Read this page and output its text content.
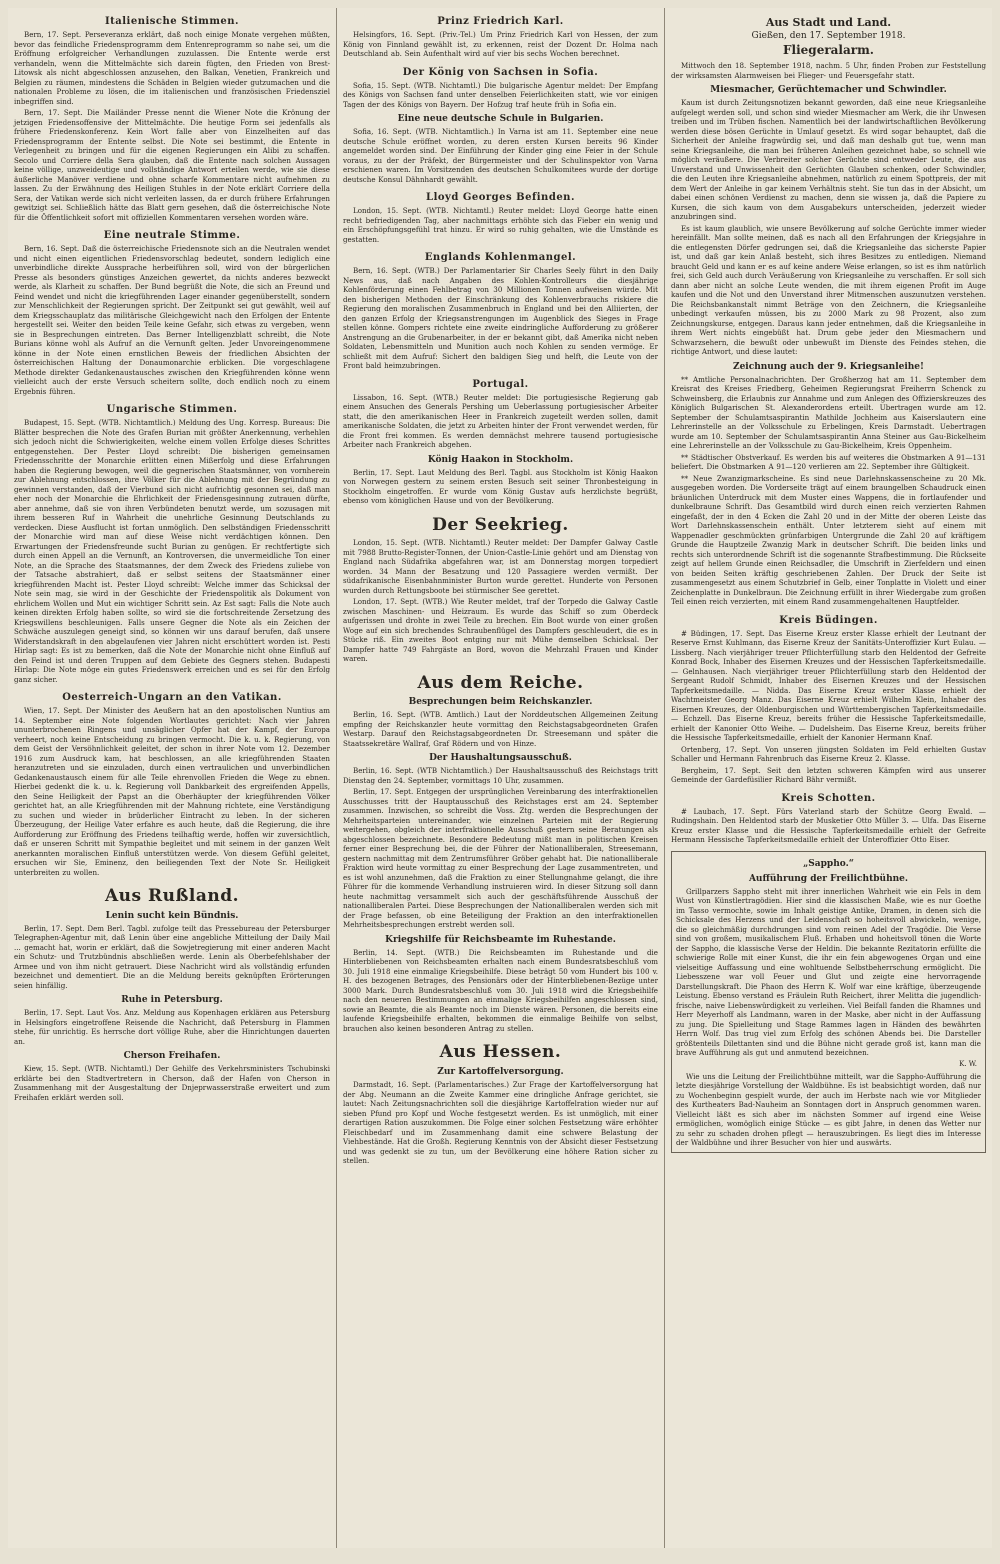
Italienische Stimmen.

Bern, 17. Sept. Perseveranza erklärt, daß noch einige Monate vergehen müßten, bevor das feindliche Friedensprogramm dem Entenreprogramm so nahe sei, um die Eröffnung erfolgreicher Verhandlungen zuzulassen. Die Entente werde erst verhandeln, wenn die Mittelmächte sich darein fügten, den Frieden von Brest-Litowsk als nicht abgeschlossen anzusehen, den Balkan, Venetien, Frankreich und Belgien zu räumen, mindestens die Schäden in Belgien wieder gutzumachen und die nationalen Probleme zu lösen, die im italienischen und französischen Friedensziel inbegriffen sind.

Bern, 17. Sept. Die Mailänder Presse nennt die Wiener Note die Krönung der jetzigen Friedensoffensive der Mittelmächte. Die heutige Form sei jedenfalls als frühere Friedenskonferenz. Kein Wort falle aber von Einzelheiten auf das Friedensprogramm der Entente selbst. Die Note sei bestimmt, die Entente in Verlegenheit zu bringen und für die eigenen Regierungen ein Alibi zu schaffen. Secolo und Corriere della Sera glauben, daß die Entente nach solchen Aussagen keine völlige, unzweideutige und vollständige Antwort erteilen werde, wie sie diese äußerliche Manöver verdiene und ohne scharfe Kommentare nicht aufnehmen zu lassen. Zu der Erwähnung des Heiligen Stuhles in der Note erklärt Corriere della Sera, der Vatikan werde sich nicht verleiten lassen, da er durch frühere Erfahrungen gewitzigt sei. Schließlich hätte das Blatt gern gesehen, daß die österreichische Note für die Öffentlichkeit sofort mit offiziellen Kommentaren versehen worden wäre.

Eine neutrale Stimme.

Bern, 16. Sept. Daß die österreichische Friedensnote sich an die Neutralen wendet und nicht einen eigentlichen Friedensvorschlag bedeutet, sondern lediglich eine unverbindliche direkte Aussprache herbeiführen soll, wird von der bürgerlichen Presse als besonders günstiges Anzeichen gewertet, da nichts anderes bezweckt werde, als Klarheit zu schaffen. Der Bund begrüßt die Note, die sich an Freund und Feind wendet und nicht die kriegführenden Lager einander gegenüberstellt, sondern zur Menschlichkeit der Regierungen spricht. Der Zeitpunkt sei gut gewählt, weil auf dem Kriegsschauplatz das militärische Gleichgewicht nach den Erfolgen der Entente hergestellt sei. Weiter den beiden Teile keine Gefahr, sich etwas zu vergeben, wenn sie in Besprechungen eintreten. Das Berner Intelligenzblatt schreibt, die Note Burians könne wohl als Aufruf an die Vernunft gelten. Jeder Unvoreingenommene könne in der Note einen ernstlichen Beweis der friedlichen Absichten der österreichischen Haltung der Donaumonarchie erblicken. Die vorgeschlagene Methode direkter Gedankenaustausches zwischen den Kriegführenden könne wenn vielleicht auch der erste Versuch scheitern sollte, doch endlich noch zu einem Ergebnis führen.

Ungarische Stimmen.

Budapest, 15. Sept. (WTB. Nichtamtlich.) Meldung des Ung. Korresp. Bureaus: Die Blätter besprechen die Note des Grafen Burian mit größter Anerkennung, verhehlen sich jedoch nicht die Schwierigkeiten, welche einem vollen Erfolge dieses Schrittes entgegenstehen. Der Pester Lloyd schreibt: Die bisherigen gemeinsamen Friedensschritte der Monarchie erlitten einen Mißerfolg und diese Erfahrungen haben die Regierung bewogen, weil die gegnerischen Staatsmänner, von vornherein zur Ablehnung entschlossen, ihre Völker für die Ablehnung mit der Begründung zu gewinnen verstanden, daß der Vierbund sich nicht aufrichtig gesonnen sei, daß man eher noch der Monarchie die Ehrlichkeit der Friedensgesinnung zutrauen dürfte, aber annehme, daß sie von ihren Verbündeten benutzt werde, um sozusagen mit ihrem besseren Ruf in Wahrheit die unehrliche Gesinnung Deutschlands zu verdecken. Diese Ausflucht ist fortan unmöglich. Den selbständigen Friedensschritt der Monarchie wird man auf diese Weise nicht verdächtigen können. Den Erwartungen der Friedensfreunde sucht Burian zu genügen. Er rechtfertigte sich durch einen Appell an die Vernunft, an Kontroversen, die unvermeidliche Ton einer Note, an die Sprache des Staatsmannes, der dem Zweck des Friedens zuliebe von der Tatsache abstrahiert, daß er selbst seitens der Staatsmänner einer kriegführenden Macht ist. Pester Lloyd schreibt: Welche immer das Schicksal der Note sein mag, sie wird in der Geschichte der Friedenspolitik als Dokument von ehrlichem Wollen und Mut ein wichtiger Schritt sein. Az Est sagt: Falls die Note auch keinen direkten Erfolg haben sollte, so wird sie die fortschreitende Zersetzung des Kriegswillens beschleunigen. Falls unsere Gegner die Note als ein Zeichen der Schwäche auszulegen geneigt sind, so können wir uns darauf berufen, daß unsere Widerstandskraft in den abgelaufenen vier Jahren nicht erschüttert worden ist. Pesti Hirlap sagt: Es ist zu bemerken, daß die Note der Monarchie nicht ohne Einfluß auf den Feind ist und deren Truppen auf dem Gebiete des Gegners stehen. Budapesti Hirlap: Die Note möge ein gutes Friedenswerk erreichen und es sei für den Erfolg ganz sicher.

Oesterreich-Ungarn an den Vatikan.

Wien, 17. Sept. Der Minister des Aeußern hat an den apostolischen Nuntius am 14. September eine Note folgenden Wortlautes gerichtet: Nach vier Jahren ununterbrochenen Ringens und unsäglicher Opfer hat der Kampf, der Europa verheert, noch keine Entscheidung zu bringen vermocht. Die k. u. k. Regierung, von dem Geist der Versöhnlichkeit geleitet, der schon in ihrer Note vom 12. Dezember 1916 zum Ausdruck kam, hat beschlossen, an alle kriegführenden Staaten heranzutreten und sie einzuladen, durch einen vertraulichen und unverbindlichen Gedankenaustausch einem für alle Teile ehrenvollen Frieden die Wege zu ebnen. Hierbei gedenkt die k. u. k. Regierung voll Dankbarkeit des ergreifenden Appells, den Seine Heiligkeit der Papst an die Oberhäupter der kriegführenden Völker gerichtet hat, an alle Kriegführenden mit der Mahnung richtete, eine Verständigung zu suchen und wieder in brüderlicher Eintracht zu leben. In der sicheren Überzeugung, der Heilige Vater erfahre es auch heute, daß die Regierung, die ihre Aufforderung zur Eröffnung des Friedens teilhaftig werde, hoffen wir zuversichtlich, daß er unseren Schritt mit Sympathie begleitet und mit seinem in der ganzen Welt anerkannten moralischen Einfluß unterstützen werde. Von diesem Gefühl geleitet, ersuchen wir Sie, Eminenz, den beiliegenden Text der Note Sr. Heiligkeit unterbreiten zu wollen.

Aus Rußland.
Lenin sucht kein Bündnis.

Berlin, 17. Sept. Dem Berl. Tagbl. zufolge teilt das Pressebureau der Petersburger Telegraphen-Agentur mit, daß Lenin über eine angebliche Mitteilung der Daily Mail ... gemacht hat, worin er erklärt, daß die Sowjetregierung mit einer anderen Macht ein Schutz- und Trutzbündnis abschließen werde. Lenin als Oberbefehlshaber der Armee und von ihm nicht getrauert. Diese Nachricht wird als vollständig erfunden bezeichnet und dementiert. Die an die Meldung bereits geknüpften Erörterungen seien hinfällig.

Ruhe in Petersburg.

Berlin, 17. Sept. Laut Vos. Anz. Meldung aus Kopenhagen erklären aus Petersburg in Helsingfors eingetroffene Reisende die Nachricht, daß Petersburg in Flammen stehe, für unrichtig. Es herrsche dort völlige Ruhe, aber die Hinrichtungen dauerten an.

Cherson Freihafen.

Kiew, 15. Sept. (WTB. Nichtamtl.) Der Gehilfe des Verkehrsministers Tschubinski erklärte bei den Stadtvertretern in Cherson, daß der Hafen von Cherson in Zusammenhang mit der Ausgestaltung der Dnjeprwasserstraße erweitert und zum Freihafen erklärt werden soll.

Prinz Friedrich Karl.

Helsingfors, 16. Sept. (Priv.-Tel.) Um Prinz Friedrich Karl von Hessen, der zum König von Finnland gewählt ist, zu erkennen, reist der Dozent Dr. Holma nach Deutschland ab. Sein Aufenthalt wird auf vier bis sechs Wochen berechnet.

Der König von Sachsen in Sofia.

Sofia, 15. Sept. (WTB. Nichtamtl.) Die bulgarische Agentur meldet: Der Empfang des Königs von Sachsen fand unter denselben Feierlichkeiten statt, wie vor einigen Tagen der des Königs von Bayern. Der Hofzug traf heute früh in Sofia ein.

Eine neue deutsche Schule in Bulgarien.

Sofia, 16. Sept. (WTB. Nichtamtlich.) In Varna ist am 11. September eine neue deutsche Schule eröffnet worden, zu deren ersten Kursen bereits 96 Kinder angemeldet worden sind. Der Einführung der Kinder ging eine Feier in der Schule voraus, zu der der Präfekt, der Bürgermeister und der Schulinspektor von Varna erschienen waren. Im Vorsitzenden des deutschen Schulkomitees wurde der dortige deutsche Konsul Dähnhardt gewählt.

Lloyd Georges Befinden.

London, 15. Sept. (WTB. Nichtamtl.) Reuter meldet: Lloyd George hatte einen recht befriedigenden Tag, aber nachmittags erhöhte sich das Fieber ein wenig und ein Erschöpfungsgefühl trat hinzu. Er wird so ruhig gehalten, wie die Umstände es gestatten.

Englands Kohlenmangel.

Bern, 16. Sept. (WTB.) Der Parlamentarier Sir Charles Seely führt in den Daily News aus, daß nach Angaben des Kohlen-Kontrolleurs die diesjährige Kohlenförderung einen Fehlbetrag von 30 Millionen Tonnen aufweisen würde. Mit den bisherigen Methoden der Einschränkung des Kohlenverbrauchs riskiere die Regierung den moralischen Zusammenbruch in England und bei den Alliierten, der den ganzen Erfolg der Kriegsanstrengungen im Augenblick des Sieges in Frage stellen könne. Gompers richtete eine zweite eindringliche Aufforderung zu größerer Anstrengung an die Grubenarbeiter, in der er bekannt gibt, daß Amerika nicht neben Soldaten, Lebensmitteln und Munition auch noch Kohlen zu senden vermöge. Er schließt mit dem Aufruf: Sichert den baldigen Sieg und helft, die Leute von der Front bald heimzubringen.

Portugal.

Lissabon, 16. Sept. (WTB.) Reuter meldet: Die portugiesische Regierung gab einem Ansuchen des Generals Pershing um Ueberlassung portugiesischer Arbeiter statt, die den amerikanischen Heer in Frankreich zugeteilt werden sollen, damit amerikanische Soldaten, die jetzt zu Arbeiten hinter der Front verwendet werden, für die Front frei kommen. Es werden demnächst mehrere tausend portugiesische Arbeiter nach Frankreich abgehen.

König Haakon in Stockholm.

Berlin, 17. Sept. Laut Meldung des Berl. Tagbl. aus Stockholm ist König Haakon von Norwegen gestern zu seinem ersten Besuch seit seiner Thronbesteigung in Stockholm eingetroffen. Er wurde vom König Gustav aufs herzlichste begrüßt, ebenso vom königlichen Hause und von der Bevölkerung.

Der Seekrieg.

London, 15. Sept. (WTB. Nichtamtl.) Reuter meldet: Der Dampfer Galway Castle mit 7988 Brutto-Register-Tonnen, der Union-Castle-Linie gehört und am Dienstag von England nach Südafrika abgefahren war, ist am Donnerstag morgen torpediert worden. 34 Mann der Besatzung und 120 Passagiere werden vermißt. Der südafrikanische Eisenbahnminister Burton wurde gerettet. Hunderte von Personen wurden durch Rettungsboote bei stürmischer See gerettet.

London, 17. Sept. (WTB.) Wie Reuter meldet, traf der Torpedo die Galway Castle zwischen Maschinen- und Heizraum. Es wurde das Schiff so zum Oberdeck aufgerissen und drohte in zwei Teile zu brechen. Ein Boot wurde von einer großen Woge auf ein sich brechendes Schraubenflügel des Dampfers geschleudert, die es in Stücke riß. Ein zweites Boot entging nur mit Mühe demselben Schicksal. Der Dampfer hatte 749 Fahrgäste an Bord, wovon die Mehrzahl Frauen und Kinder waren.

Aus dem Reiche.
Besprechungen beim Reichskanzler.

Berlin, 16. Sept. (WTB. Amtlich.) Laut der Norddeutschen Allgemeinen Zeitung empfing der Reichskanzler heute vormittag den Reichstagsabgeordneten Grafen Westarp. Darauf den Reichstagsabgeordneten Dr. Streesemann und später die Staatssekretäre Wallraf, Graf Rödern und von Hinze.

Der Haushaltungsausschuß.

Berlin, 16. Sept. (WTB Nichtamtlich.) Der Haushaltsausschuß des Reichstags tritt Dienstag den 24. September, vormittags 10 Uhr, zusammen.

Berlin, 17. Sept. Entgegen der ursprünglichen Vereinbarung des interfraktionellen Ausschusses tritt der Hauptausschuß des Reichstages erst am 24. September zusammen. Inzwischen, so schreibt die Voss. Ztg. werden die Besprechungen der Mehrheitsparteien untereinander, wie einzelnen Parteien mit der Regierung weitergehen, obgleich der interfraktionelle Ausschuß gestern seine Beratungen als abgeschlossen bezeichnete. Besondere Bedeutung mißt man in politischen Kreisen ferner einer Besprechung bei, die der Führer der Nationalliberalen, Streesemann, gestern nachmittag mit dem Zentrumsführer Gröber gehabt hat. Die nationalliberale Fraktion wird heute vormittag zu einer Besprechung der Lage zusammentreten, und es ist wohl anzunehmen, daß die Fraktion zu einer Stellungnahme gelangt, die ihre Führer für die kommende Verhandlung instruieren wird. In dieser Sitzung soll dann heute nachmittag versammelt sich auch der geschäftsführende Ausschuß der nationalliberalen Partei. Diese Besprechungen der Nationalliberalen werden sich mit der Frage befassen, ob eine Beteiligung der Fraktion an den interfraktionellen Mehrheitsbesprechungen erstrebt werden soll.

Kriegshilfe für Reichsbeamte im Ruhestande.

Berlin, 14. Sept. (WTB.) Die Reichsbeamten im Ruhestande und die Hinterbliebenen von Reichsbeamten erhalten nach einem Bundesratsbeschluß vom 30. Juli 1918 eine einmalige Kriegsbeihilfe. Diese beträgt 50 vom Hundert bis 100 v. H. des bezogenen Betrages, des Pensionärs oder der Hinterbliebenen-Bezüge unter 3000 Mark. Durch Bundesratsbeschluß vom 30. Juli 1918 wird die Kriegsbeihilfe nach den neueren Bestimmungen an einmalige Kriegsbeihilfen angeschlossen sind, sowie an Beamte, die als Beamte noch im Dienste wären. Personen, die bereits eine laufende Kriegsbeihilfe erhalten, bekommen die einmalige Beihilfe von selbst, brauchen also keinen besonderen Antrag zu stellen.

Aus Hessen.
Zur Kartoffelversorgung.

Darmstadt, 16. Sept. (Parlamentarisches.) Zur Frage der Kartoffelversorgung hat der Abg. Neumann an die Zweite Kammer eine dringliche Anfrage gerichtet, sie lautet: Nach Zeitungsnachrichten soll die diesjährige Kartoffelration wieder nur auf sieben Pfund pro Kopf und Woche festgesetzt werden. Es ist unmöglich, mit einer derartigen Ration auszukommen. Die Folge einer solchen Festsetzung wäre erhöhter Fleischbedarf und im Zusammenhang damit eine schwere Belastung der Viehbestände. Hat die Großh. Regierung Kenntnis von der Absicht dieser Festsetzung und was gedenkt sie zu tun, um der Bevölkerung eine höhere Ration sicher zu stellen.

Aus Stadt und Land.
Gießen, den 17. September 1918.
Fliegeralarm.

Mittwoch den 18. September 1918, nachm. 5 Uhr, finden Proben zur Feststellung der wirksamsten Alarmweisen bei Flieger- und Feuersgefahr statt.

Miesmacher, Gerüchtemacher und Schwindler.

Kaum ist durch Zeitungsnotizen bekannt geworden, daß eine neue Kriegsanleihe aufgelegt werden soll, und schon sind wieder Miesmacher am Werk, die ihr Unwesen treiben und im Trüben fischen. Namentlich bei der landwirtschaftlichen Bevölkerung werden diese bösen Gerüchte in Umlauf gesetzt. Es wird sogar behauptet, daß die Sicherheit der Anleihe fragwürdig sei, und daß man deshalb gut tue, wenn man seine Kriegsanleihe, die man bei früheren Anleihen gezeichnet habe, so schnell wie möglich veräußere. Die Verbreiter solcher Gerüchte sind entweder Leute, die aus Unverstand und Unwissenheit den Gerüchten Glauben schenken, oder Schwindler, die den Leuten ihre Kriegsanleihe abnehmen, natürlich zu einem Spottpreis, der mit dem Wert der Anleihe in gar keinem Verhältnis steht. Sie tun das in der Absicht, um dabei einen schönen Verdienst zu machen, denn sie wissen ja, daß die Papiere zu Kursen, die sich kaum von dem Ausgabekurs unterscheiden, jederzeit wieder anzubringen sind.

Es ist kaum glaublich, wie unsere Bevölkerung auf solche Gerüchte immer wieder hereinfällt. Man sollte meinen, daß es nach all den Erfahrungen der Kriegsjahre in die entlegensten Dörfer gedrungen sei, daß die Kriegsanleihe das sicherste Papier ist, und daß gar kein Anlaß besteht, sich ihres Besitzes zu entledigen. Niemand braucht Geld und kann er es auf keine andere Weise erlangen, so ist es ihm natürlich frei, sich Geld auch durch Veräußerung von Kriegsanleihe zu verschaffen. Er soll sich dann aber nicht an solche Leute wenden, die mit ihrem eigenen Profit im Auge kaufen und die Not und den Unverstand ihrer Mitmenschen auszunutzen verstehen. Die Reichsbankanstalt nimmt Beträge von den Zeichnern, die Kriegsanleihe unbedingt verkaufen müssen, bis zu 2000 Mark zu 98 Prozent, also zum Zeichnungskurse, entgegen. Daraus kann jeder entnehmen, daß die Kriegsanleihe in ihrem Wert nichts eingebüßt hat. Drum gebe jeder den Miesmachern und Schwarzsehern, die bewußt oder unbewußt im Dienste des Feindes stehen, die richtige Antwort, und diese lautet:

Zeichnung auch der 9. Kriegsanleihe!

** Amtliche Personalnachrichten. Der Großherzog hat am 11. September dem Kreisrat des Kreises Friedberg, Geheimen Regierungsrat Freiherrn Schenck zu Schweinsberg, die Erlaubnis zur Annahme und zum Anlegen des Offizierskreuzes des Königlich Bulgarischen St. Alexanderordens erteilt. Ubertragen wurde am 12. September der Schulamtsaspirantin Mathilde Jochheim aus Kaiserslautern eine Lehrerinstelle an der Volksschule zu Erbelingen, Kreis Darmstadt. Uebertragen wurde am 10. September der Schulamtsaspirantin Anna Steiner aus Gau-Bickelheim eine Lehrerinstelle an der Volksschule zu Gau-Bickelheim, Kreis Oppenheim.

** Städtischer Obstverkauf. Es werden bis auf weiteres die Obstmarken A 91—131 beliefert. Die Obstmarken A 91—120 verlieren am 22. September ihre Gültigkeit.

** Neue Zwanzigmarkscheine. Es sind neue Darlehnskassenscheine zu 20 Mk. ausgegeben worden. Die Vorderseite trägt auf einem braungelben Schaudruck einen bräunlichen Unterdruck mit dem Muster eines Wappens, die in fortlaufender und dunkelbraune Schrift. Das Gesamtbild wird durch einen reich verzierten Rahmen eingefaßt, der in den 4 Ecken die Zahl 20 und in der Mitte der oberen Leiste das Wort Darlehnskassenschein enthält. Unter letzterem sieht auf einem mit Wappenadler geschmückten grünfarbigen Untergrunde die Zahl 20 auf kräftigem Grunde die Hauptzeile Zwanzig Mark in deutscher Schrift. Die beiden links und rechts sich unterordnende Schrift ist die sogenannte Strafbestimmung. Die Rückseite zeigt auf hellem Grunde einen Reichsadler, die Umschrift in Zierfeldern und einen von beiden Seiten kräftig geschriebenen Zahlen. Der Druck der Seite ist zusammengesetzt aus einem Schutzbrief in Gelb, einer Tonplatte in Violett und einer Zeichenplatte in Dunkelbraun. Die Zeichnung erfüllt in ihrer Wiedergabe zum großen Teil einen reich verzierten, mit einem Rand zusammengehaltenen Hauptfelder.

Kreis Büdingen.

# Büdingen, 17. Sept. Das Eiserne Kreuz erster Klasse erhielt der Leutnant der Reserve Ernst Kuhlmann, das Eiserne Kreuz der Sanitäts-Unteroffizier Kurt Eulau. — Lissberg. Nach vierjähriger treuer Pflichterfüllung starb den Heldentod der Gefreite Konrad Bock, Inhaber des Eisernen Kreuzes und der Hessischen Tapferkeitsmedaille. — Gelnhausen. Nach vierjähriger treuer Pflichterfüllung starb den Heldentod der Sergeant Rudolf Schmidt, Inhaber des Eisernen Kreuzes und der Hessischen Tapferkeitsmedaille. — Nidda. Das Eiserne Kreuz erster Klasse erhielt der Wachtmeister Georg Manz. Das Eiserne Kreuz erhielt Wilhelm Klein, Inhaber des Eisernen Kreuzes, der Oldenburgischen und Württembergischen Tapferkeitsmedaille. — Echzell. Das Eiserne Kreuz, bereits früher die Hessische Tapferkeitsmedaille, erhielt der Kanonier Otto Weihe. — Dudelsheim. Das Eiserne Kreuz, bereits früher die Hessische Tapferkeitsmedaille, erhielt der Kanonier Hermann Knaf.

Ortenberg, 17. Sept. Von unseren jüngsten Soldaten im Feld erhielten Gustav Schaller und Hermann Fahrenbruch das Eiserne Kreuz 2. Klasse.

Bergheim, 17. Sept. Seit den letzten schweren Kämpfen wird aus unserer Gemeinde der Gardefüsilier Richard Bähr vermißt.

Kreis Schotten.

# Laubach, 17. Sept. Fürs Vaterland starb der Schütze Georg Ewald. — Rudingshain. Den Heldentod starb der Musketier Otto Müller 3. — Ulfa. Das Eiserne Kreuz erster Klasse und die Hessische Tapferkeitsmedaille erhielt der Gefreite Hermann Hessische Tapferkeitsmedaille erhielt der Unteroffizier Otto Eiser.

„Sappho.“
Aufführung der Freilichtbühne.

Grillparzers Sappho steht mit ihrer innerlichen Wahrheit wie ein Fels in dem Wust von Künstlertragödien. Hier sind die klassischen Maße, wie es nur Goethe im Tasso vermochte, sowie im Inhalt geistige Antike, Dramen, in denen sich die Schicksale des Herzens und der Leidenschaft so hoheitsvoll abwickeln, wenige, die so gleichmäßig durchdrungen sind vom reinen Adel der Tragödie. Die Verse sind von großem, musikalischem Fluß. Erhaben und hoheitsvoll tönen die Worte der Sappho, die klassische Verse der Heldin. Die bekannte Rezitatorin erfüllte die schwierige Rolle mit einer Kunst, die ihr ein fein abgewogenes Organ und eine vielseitige Auffassung und eine wohltuende Selbstbeherrschung ermöglicht. Die Liebesszene war voll Feuer und Glut und zeigte eine hervorragende Darstellungskraft. Die Phaon des Herrn K. Wolf war eine kräftige, überzeugende Leistung. Ebenso verstand es Fräulein Ruth Reichert, ihrer Melitta die jugendlich-frische, naive Liebenswürdigkeit zu verleihen. Viel Beifall fanden die Rhamnes und Herr Meyerhoff als Landmann, waren in der Maske, aber nicht in der Auffassung zu jung. Die Spielleitung und Stage Rammes lagen in Händen des bewährten Herrn Wolf. Das trug viel zum Erfolg des schönen Abends bei. Die Darsteller größtenteils Dilettanten sind und die Bühne nicht gerade groß ist, kann man die brave Aufführung als gut und anmutend bezeichnen.

K. W.

Wie uns die Leitung der Freilichtbühne mitteilt, war die Sappho-Aufführung die letzte diesjährige Vorstellung der Waldbühne. Es ist beabsichtigt worden, daß nur zu Wochenbeginn gespielt wurde, der auch im Herbste nach wie vor Mitglieder des Kurtheaters Bad-Nauheim an Sonntagen dort in Anspruch genommen waren. Vielleicht läßt es sich aber im nächsten Sommer auf irgend eine Weise ermöglichen, womöglich einige Stücke — es gibt Jahre, in denen das Wetter nur zu sehr zu schaden drohen pflegt — herauszubringen. Es liegt dies im Interesse der Waldbühne und ihrer Besucher von hier und auswärts.
